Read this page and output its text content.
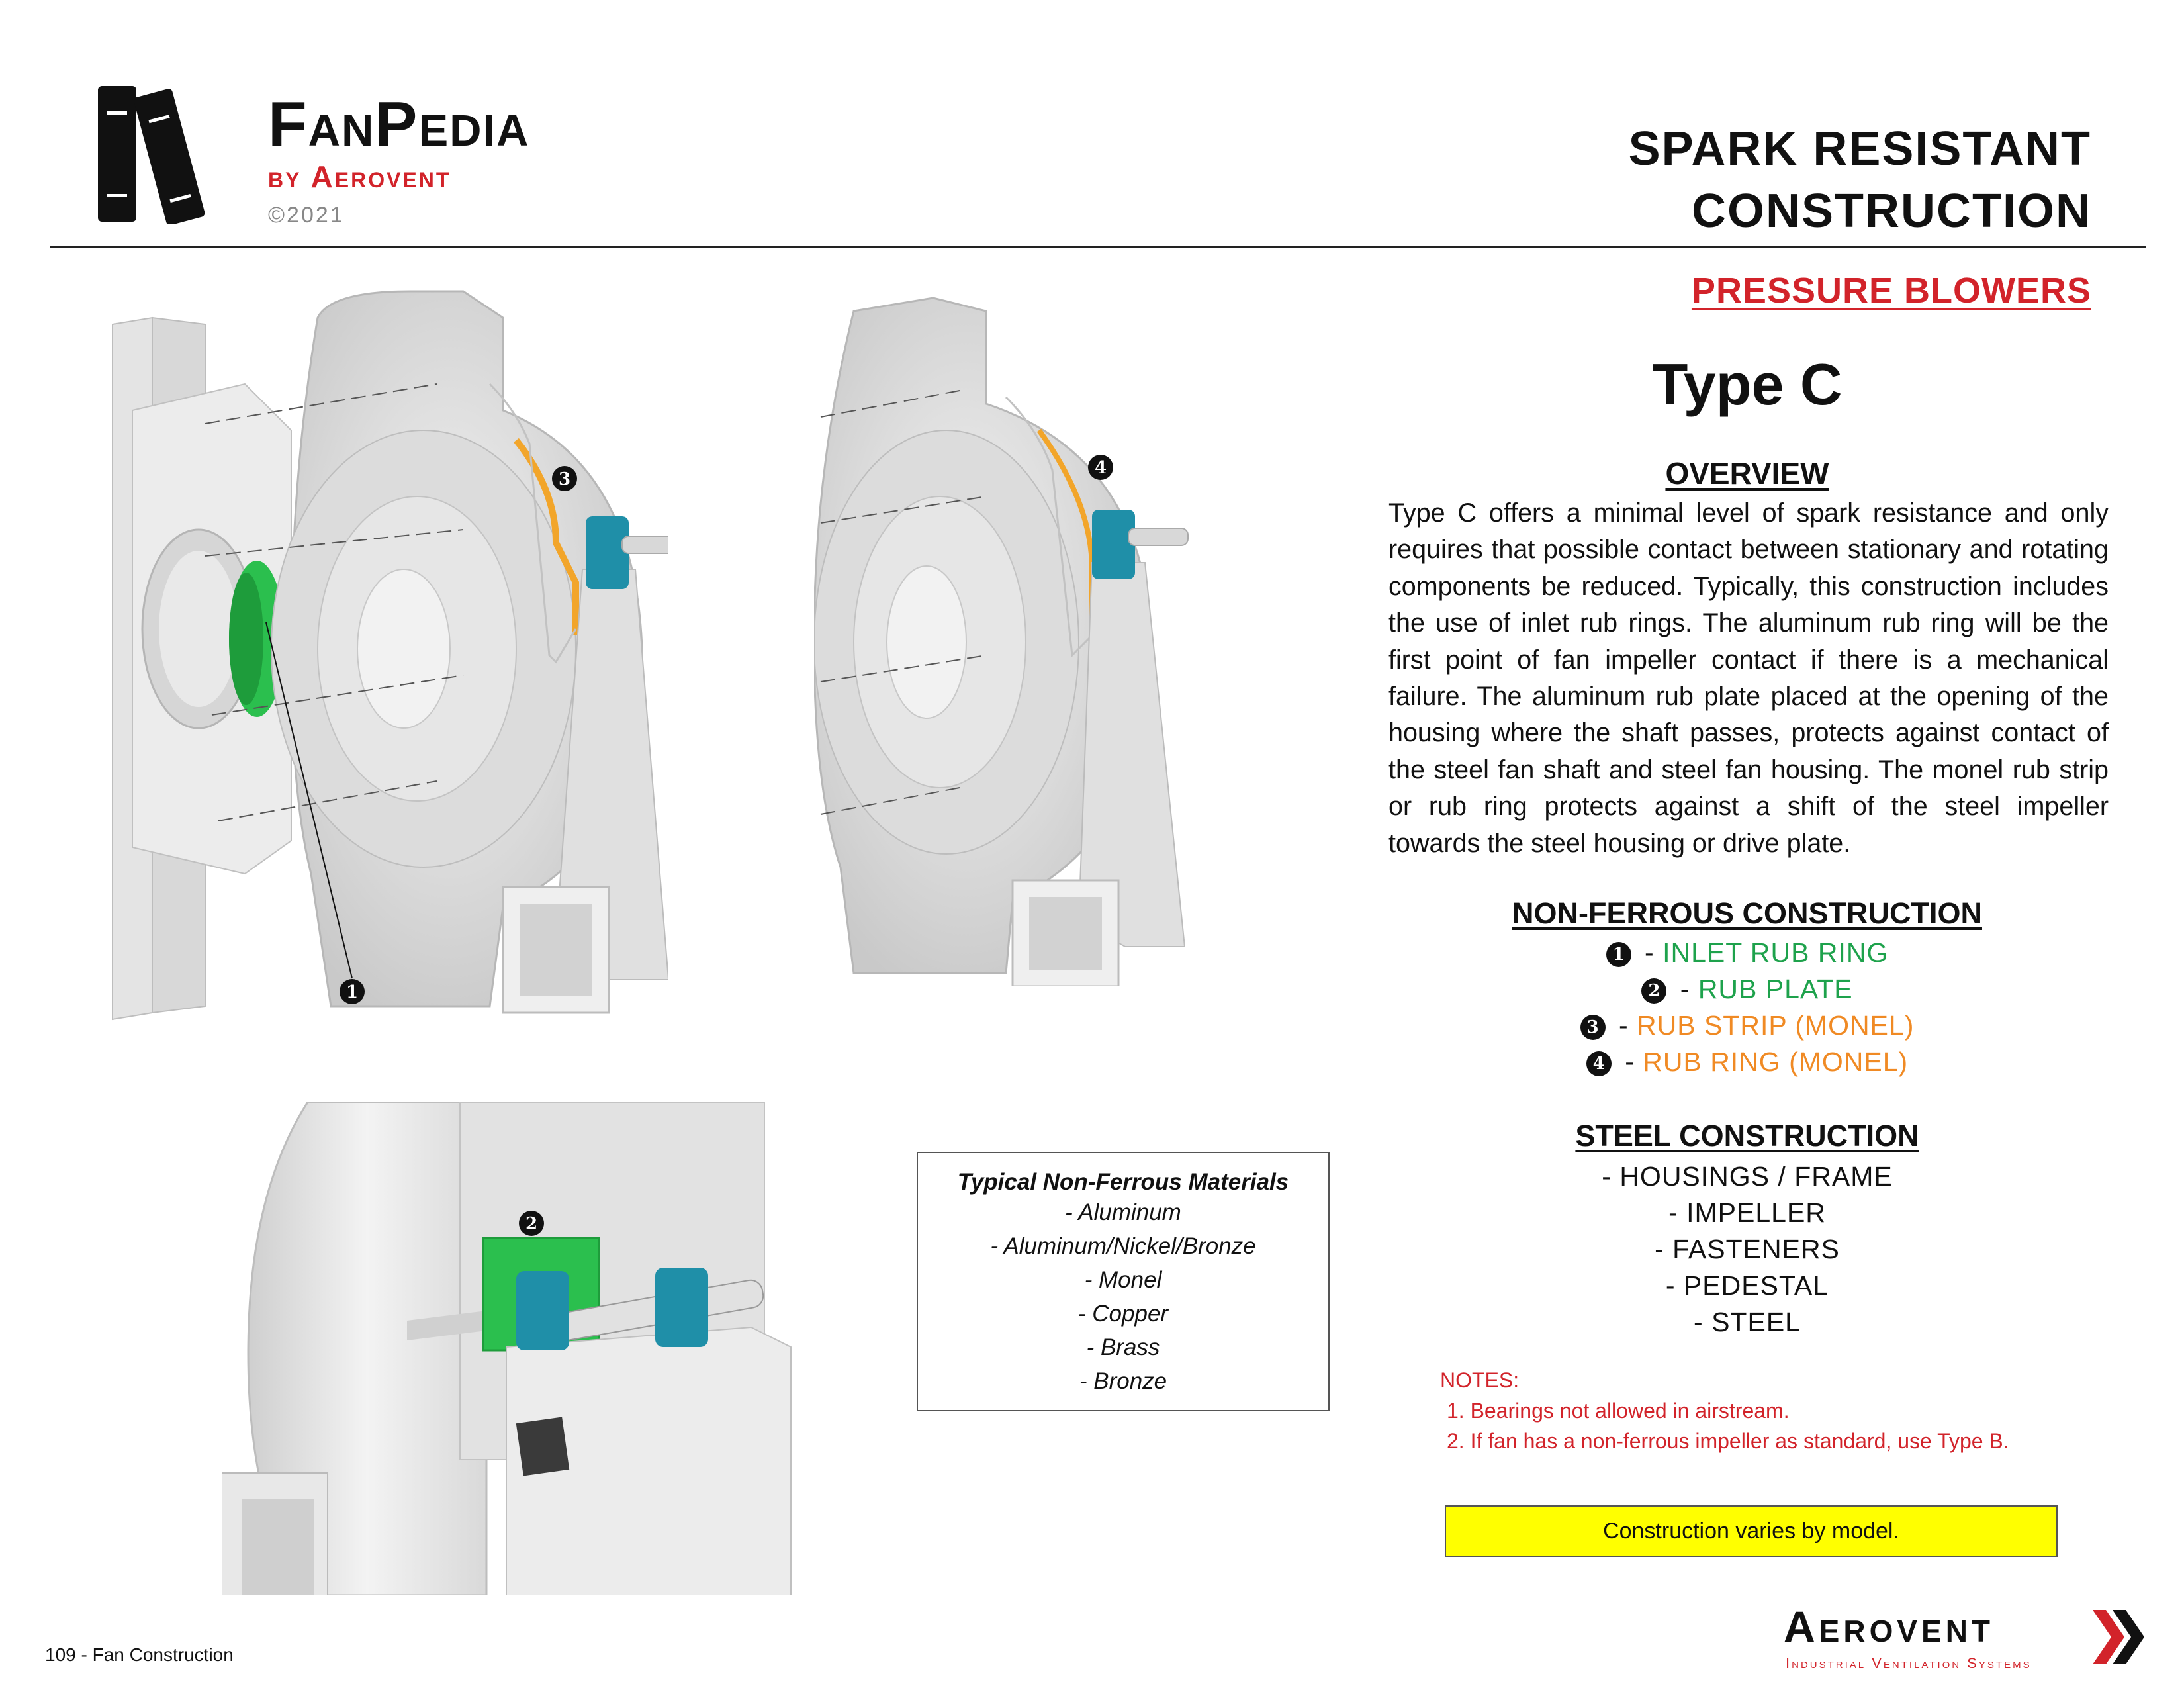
FanPedia
by Aerovent
©2021
SPARK RESISTANT
CONSTRUCTION
PRESSURE BLOWERS
1
3
4
2
Typical Non-Ferrous Materials
- Aluminum
- Aluminum/Nickel/Bronze
- Monel
- Copper
- Brass
- Bronze
Type C
OVERVIEW
Type C offers a minimal level of spark resistance and only requires that possible contact between stationary and rotating components be reduced. Typically, this construction includes the use of inlet rub rings. The aluminum rub ring will be the first point of fan impeller contact if there is a mechanical failure. The aluminum rub plate placed at the opening of the housing where the shaft passes, protects against contact of the steel fan shaft and steel fan housing. The monel rub strip or rub ring protects against a shift of the steel impeller towards the steel housing or drive plate.
NON-FERROUS CONSTRUCTION
1 - INLET RUB RING
2 - RUB PLATE
3 - RUB STRIP (MONEL)
4 - RUB RING (MONEL)
STEEL CONSTRUCTION
- HOUSINGS / FRAME
- IMPELLER
- FASTENERS
- PEDESTAL
- STEEL
NOTES:
1. Bearings not allowed in airstream.
2. If fan has a non-ferrous impeller as standard, use Type B.
Construction varies by model.
109 - Fan Construction
Aerovent
Industrial Ventilation Systems
